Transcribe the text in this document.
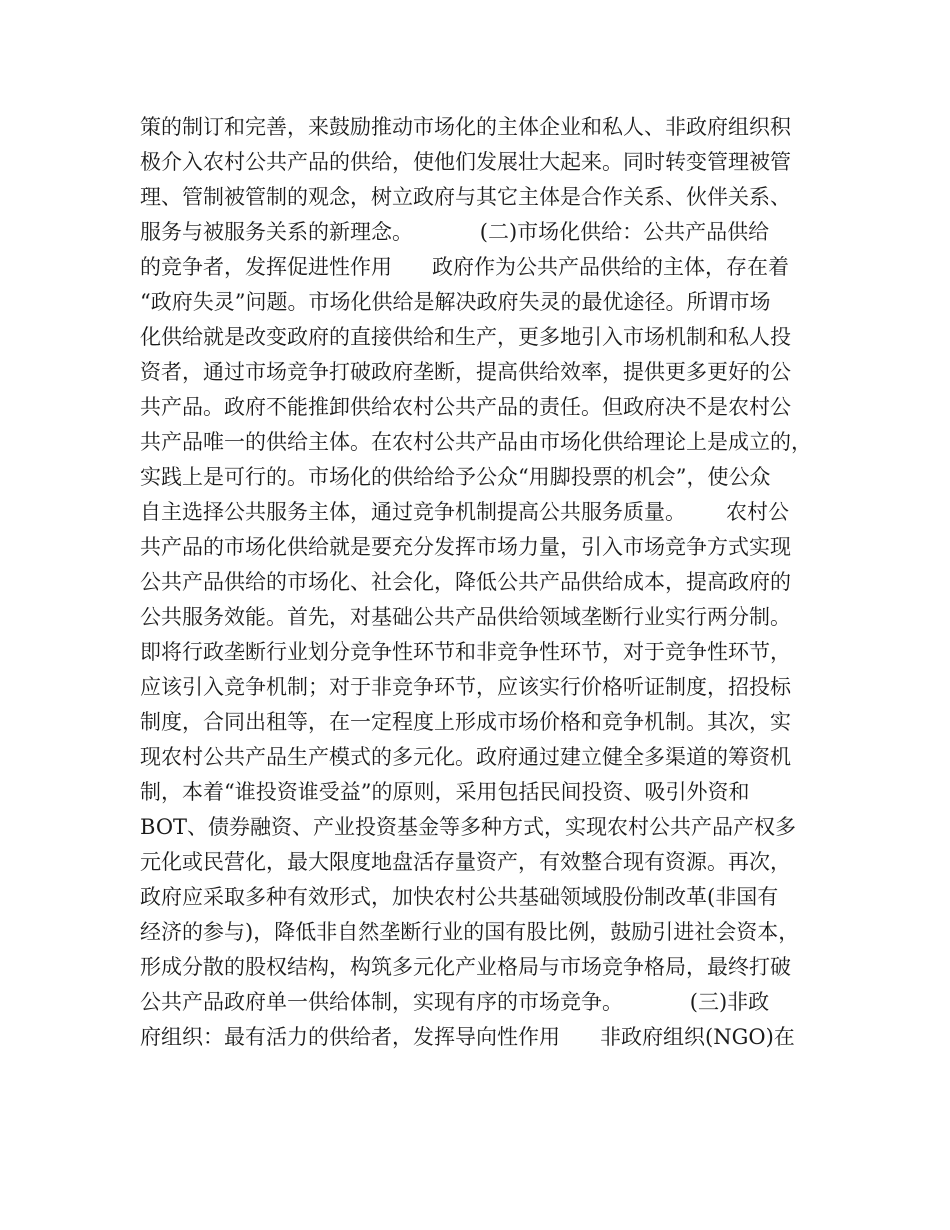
策的制订和完善，来鼓励推动市场化的主体企业和私人、非政府组织积
极介入农村公共产品的供给，使他们发展壮大起来。同时转变管理被管
理、管制被管制的观念，树立政府与其它主体是合作关系、伙伴关系、
服务与被服务关系的新理念。          (二)市场化供给：公共产品供给
的竞争者，发挥促进性作用      政府作为公共产品供给的主体，存在着
“政府失灵”问题。市场化供给是解决政府失灵的最优途径。所谓市场
化供给就是改变政府的直接供给和生产，更多地引入市场机制和私人投
资者，通过市场竞争打破政府垄断，提高供给效率，提供更多更好的公
共产品。政府不能推卸供给农村公共产品的责任。但政府决不是农村公
共产品唯一的供给主体。在农村公共产品由市场化供给理论上是成立的，
实践上是可行的。市场化的供给给予公众“用脚投票的机会”，使公众
自主选择公共服务主体，通过竞争机制提高公共服务质量。      农村公
共产品的市场化供给就是要充分发挥市场力量，引入市场竞争方式实现
公共产品供给的市场化、社会化，降低公共产品供给成本，提高政府的
公共服务效能。首先，对基础公共产品供给领域垄断行业实行两分制。
即将行政垄断行业划分竞争性环节和非竞争性环节，对于竞争性环节，
应该引入竞争机制；对于非竞争环节，应该实行价格听证制度，招投标
制度，合同出租等，在一定程度上形成市场价格和竞争机制。其次，实
现农村公共产品生产模式的多元化。政府通过建立健全多渠道的筹资机
制，本着“谁投资谁受益”的原则，采用包括民间投资、吸引外资和
BOT、债券融资、产业投资基金等多种方式，实现农村公共产品产权多
元化或民营化，最大限度地盘活存量资产，有效整合现有资源。再次，
政府应采取多种有效形式，加快农村公共基础领域股份制改革(非国有
经济的参与)，降低非自然垄断行业的国有股比例，鼓励引进社会资本，
形成分散的股权结构，构筑多元化产业格局与市场竞争格局，最终打破
公共产品政府单一供给体制，实现有序的市场竞争。          (三)非政
府组织：最有活力的供给者，发挥导向性作用      非政府组织(NGO)在
